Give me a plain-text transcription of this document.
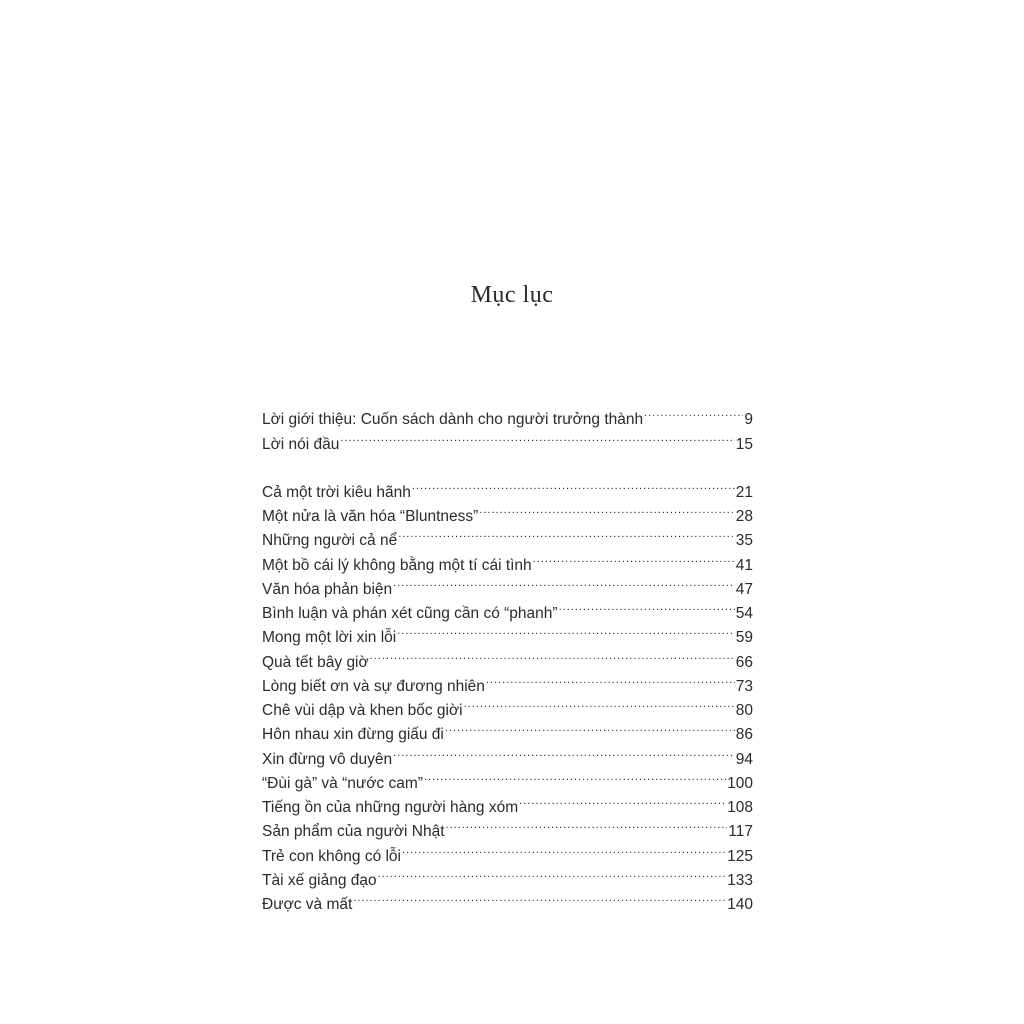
Mục lục
Lời giới thiệu: Cuốn sách dành cho người trưởng thành .....	9
Lời nói đầu .....	15
Cả một trời kiêu hãnh .....	21
Một nửa là văn hóa “Bluntness” .....	28
Những người cả nể .....	35
Một bồ cái lý không bằng một tí cái tình .....	41
Văn hóa phản biện .....	47
Bình luận và phán xét cũng cần có “phanh” .....	54
Mong một lời xin lỗi .....	59
Quà tết bây giờ .....	66
Lòng biết ơn và sự đương nhiên .....	73
Chê vùi dập và khen bốc giời .....	80
Hôn nhau xin đừng giấu đi .....	86
Xin đừng vô duyên .....	94
“Đùi gà” và “nước cam” .....	100
Tiếng ồn của những người hàng xóm .....	108
Sản phẩm của người Nhật .....	117
Trẻ con không có lỗi .....	125
Tài xế giảng đạo .....	133
Được và mất .....	140
